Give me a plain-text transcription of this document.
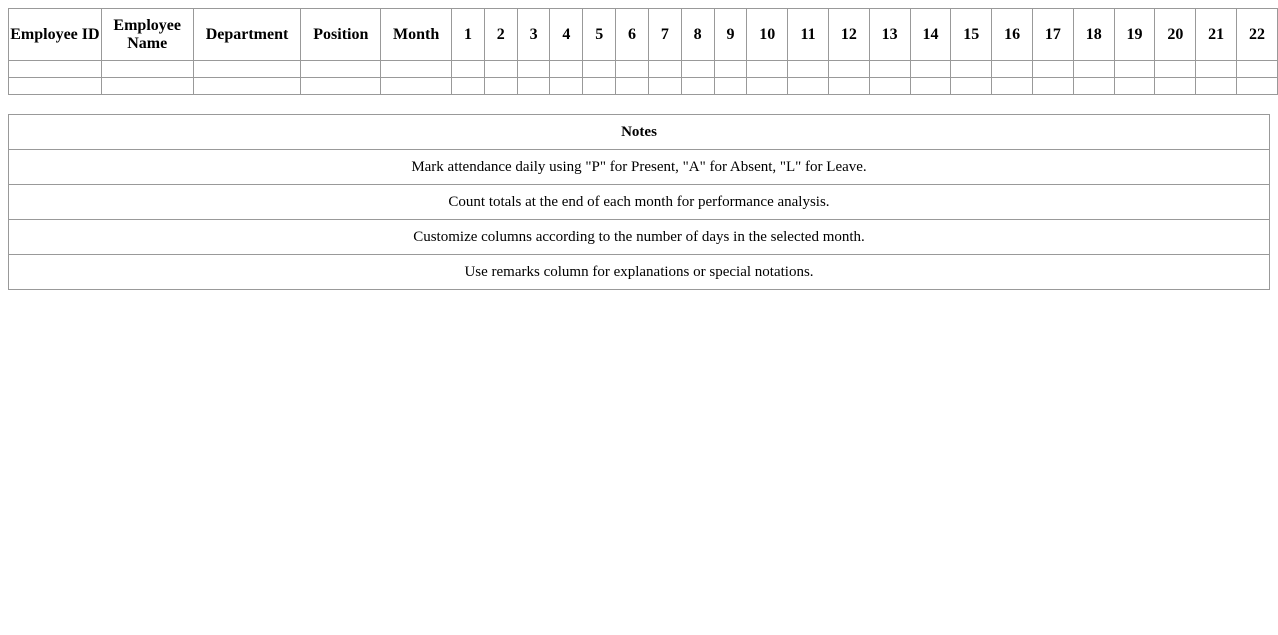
Employee ID	Employee Name	Department	Position	Month	1	2	3	4	5	6	7	8	9	10	11	12	13	14	15	16	17	18	19	20	21	22

Notes
Mark attendance daily using "P" for Present, "A" for Absent, "L" for Leave.
Count totals at the end of each month for performance analysis.
Customize columns according to the number of days in the selected month.
Use remarks column for explanations or special notations.
